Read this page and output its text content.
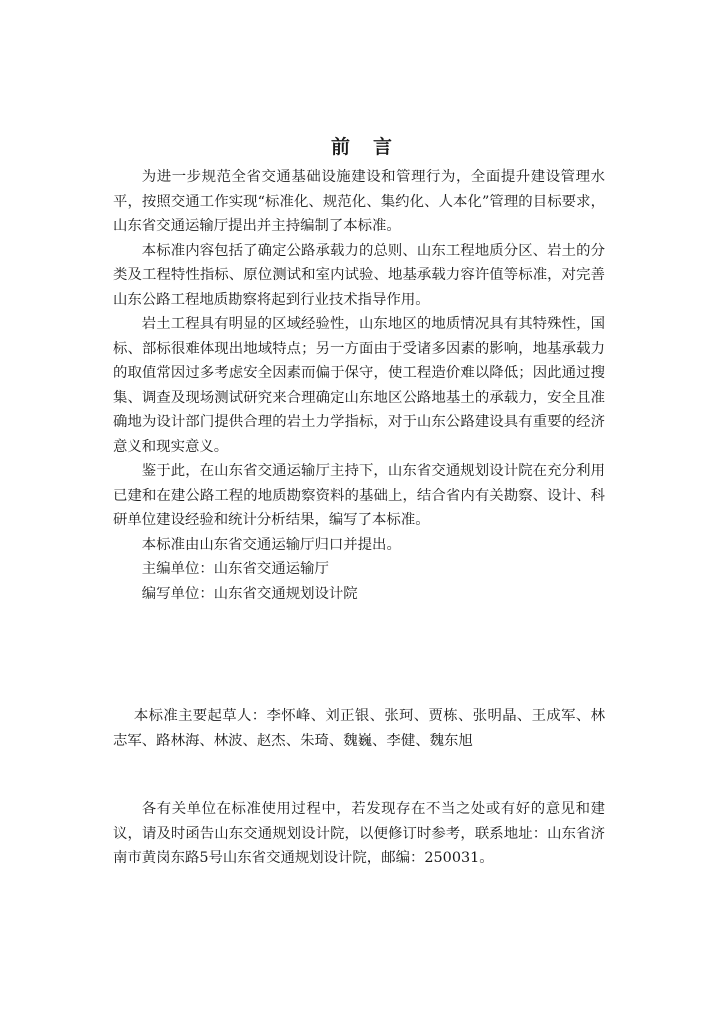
前 言

为进一步规范全省交通基础设施建设和管理行为，全面提升建设管理水平，按照交通工作实现“标准化、规范化、集约化、人本化”管理的目标要求，山东省交通运输厅提出并主持编制了本标准。

本标准内容包括了确定公路承载力的总则、山东工程地质分区、岩土的分类及工程特性指标、原位测试和室内试验、地基承载力容许值等标准，对完善山东公路工程地质勘察将起到行业技术指导作用。

岩土工程具有明显的区域经验性，山东地区的地质情况具有其特殊性，国标、部标很难体现出地域特点；另一方面由于受诸多因素的影响，地基承载力的取值常因过多考虑安全因素而偏于保守，使工程造价难以降低；因此通过搜集、调查及现场测试研究来合理确定山东地区公路地基土的承载力，安全且准确地为设计部门提供合理的岩土力学指标，对于山东公路建设具有重要的经济意义和现实意义。

鉴于此，在山东省交通运输厅主持下，山东省交通规划设计院在充分利用已建和在建公路工程的地质勘察资料的基础上，结合省内有关勘察、设计、科研单位建设经验和统计分析结果，编写了本标准。

本标准由山东省交通运输厅归口并提出。

主编单位：山东省交通运输厅

编写单位：山东省交通规划设计院

本标准主要起草人：李怀峰、刘正银、张珂、贾栋、张明晶、王成军、林志军、路林海、林波、赵杰、朱琦、魏巍、李健、魏东旭

各有关单位在标准使用过程中，若发现存在不当之处或有好的意见和建议，请及时函告山东交通规划设计院，以便修订时参考，联系地址：山东省济南市黄岗东路5号山东省交通规划设计院，邮编：250031。
